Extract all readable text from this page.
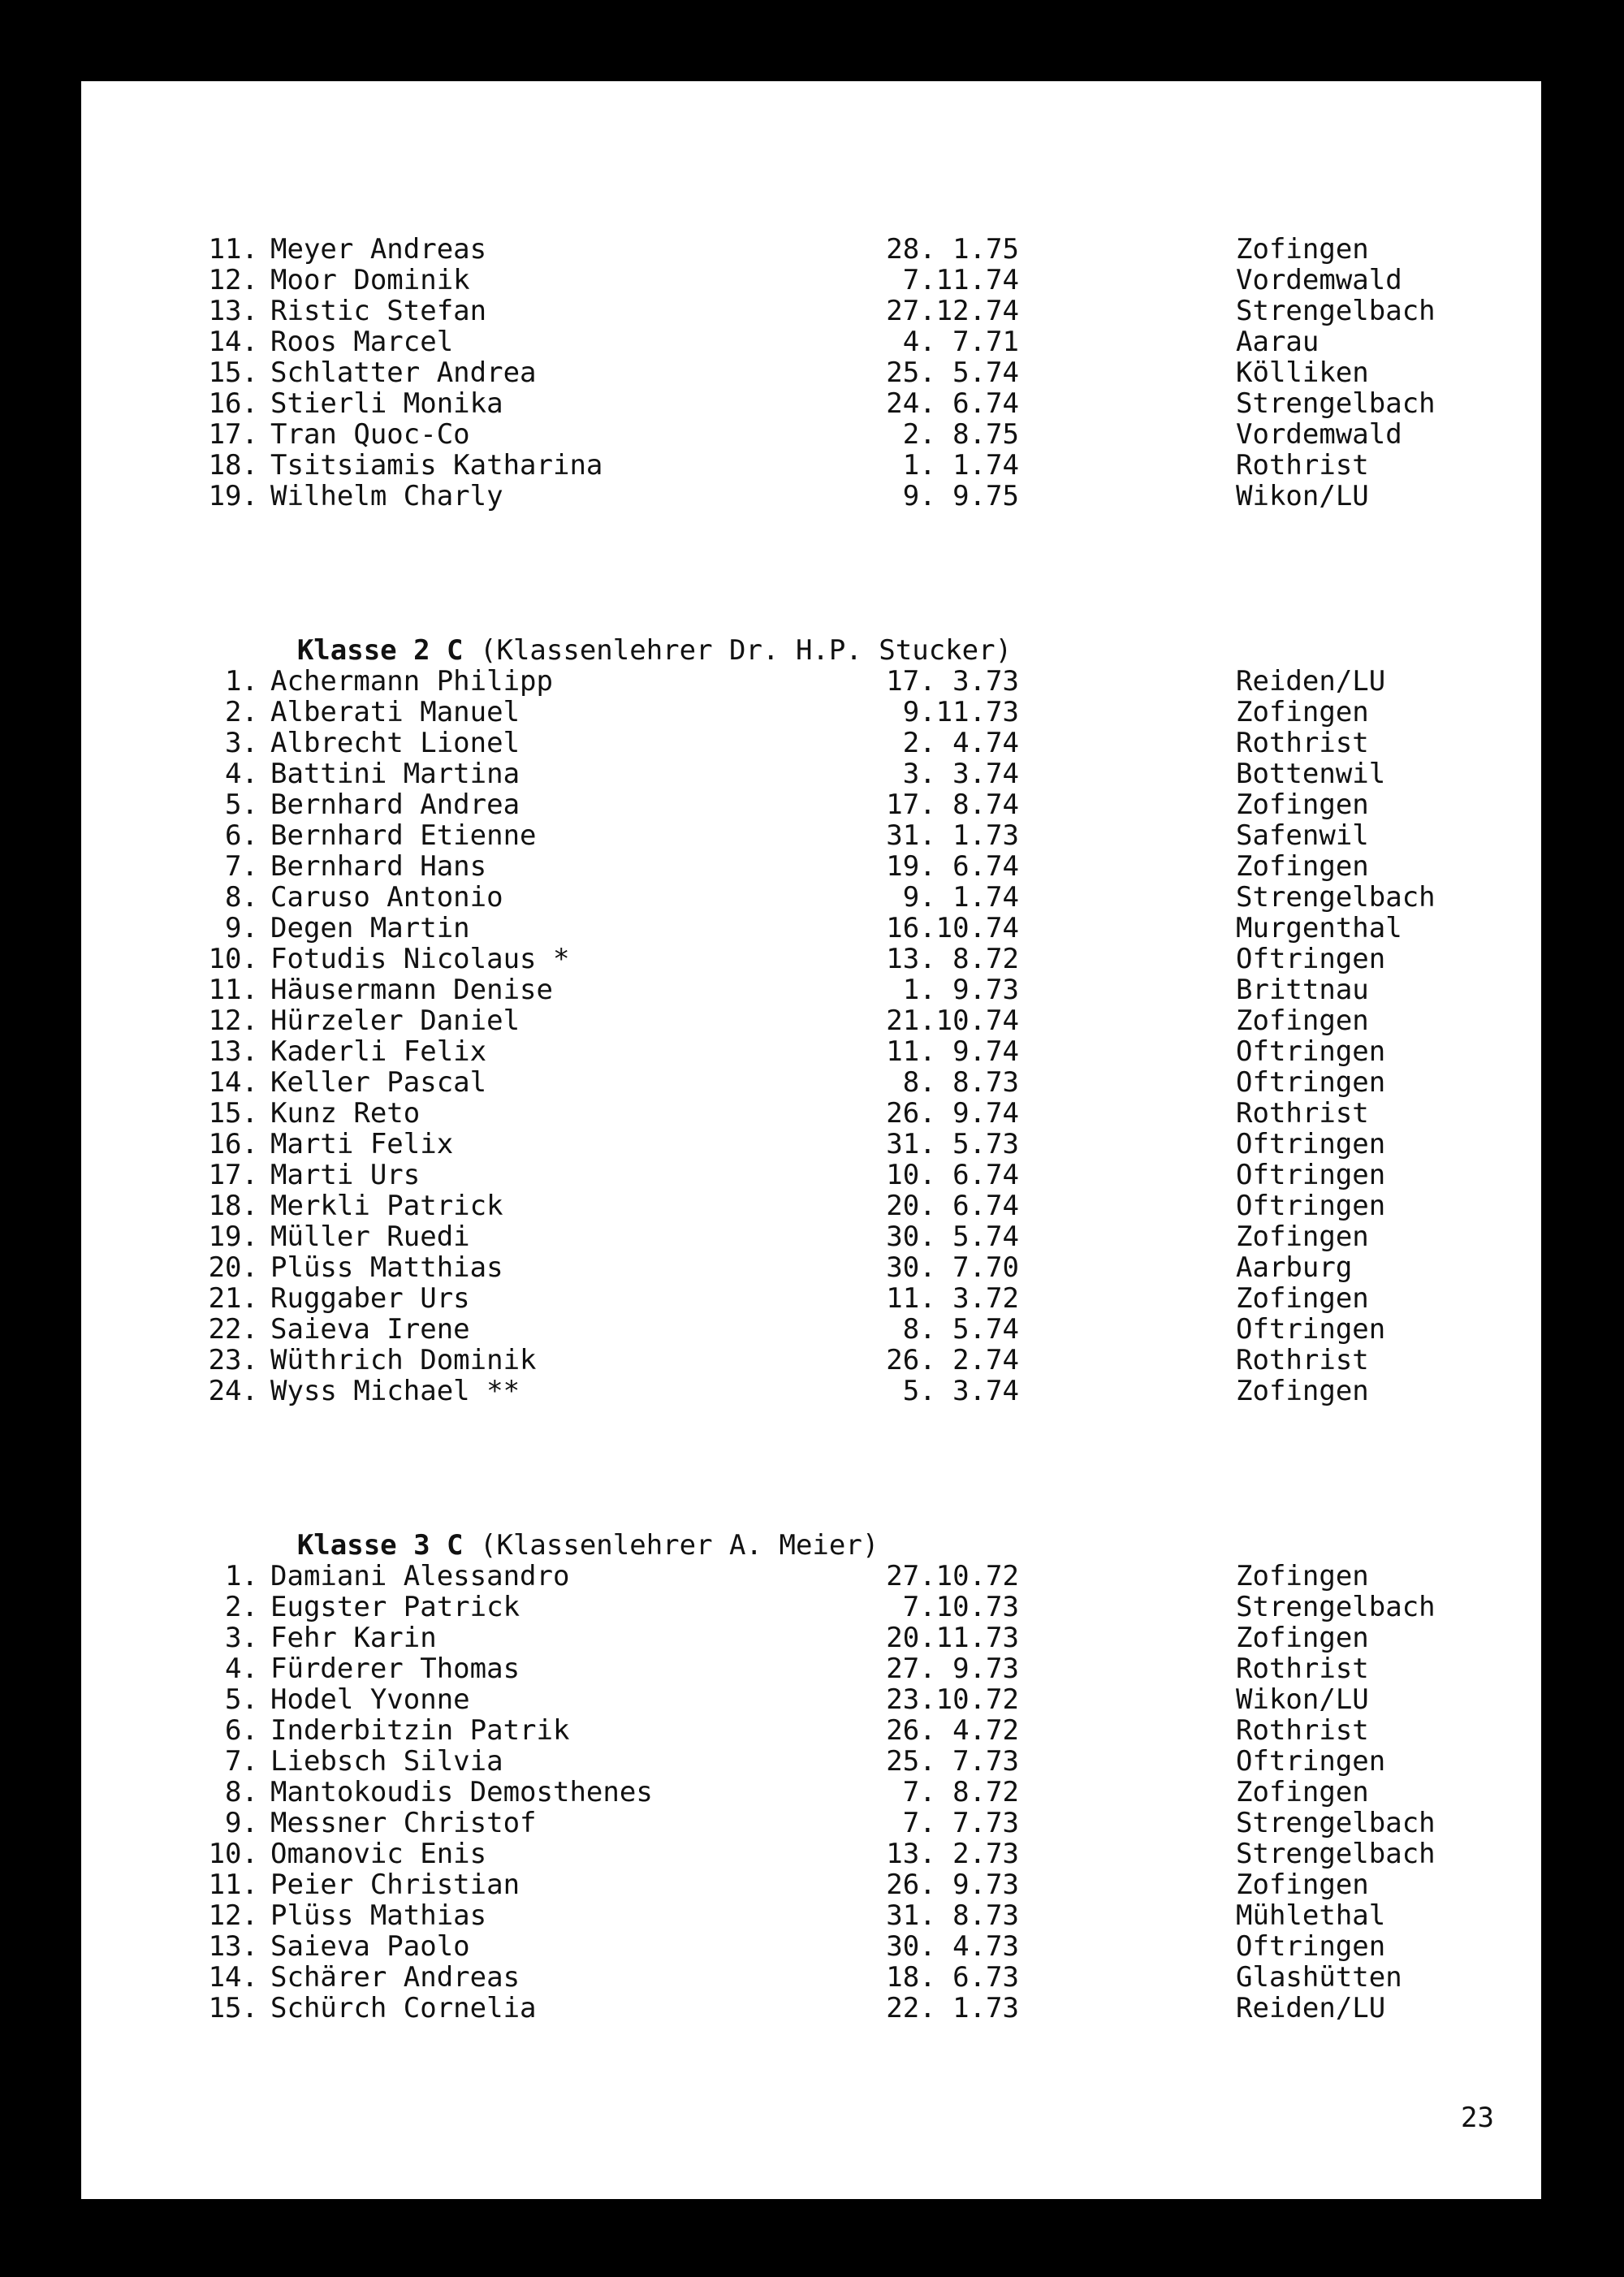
11. Meyer Andreas	28. 1.75	Zofingen
12. Moor Dominik	7.11.74	Vordemwald
13. Ristic Stefan	27.12.74	Strengelbach
14. Roos Marcel	4. 7.71	Aarau
15. Schlatter Andrea	25. 5.74	Kölliken
16. Stierli Monika	24. 6.74	Strengelbach
17. Tran Quoc-Co	2. 8.75	Vordemwald
18. Tsitsiamis Katharina	1. 1.74	Rothrist
19. Wilhelm Charly	9. 9.75	Wikon/LU

Klasse 2 C (Klassenlehrer Dr. H.P. Stucker)

1. Achermann Philipp	17. 3.73	Reiden/LU
2. Alberati Manuel	9.11.73	Zofingen
3. Albrecht Lionel	2. 4.74	Rothrist
4. Battini Martina	3. 3.74	Bottenwil
5. Bernhard Andrea	17. 8.74	Zofingen
6. Bernhard Etienne	31. 1.73	Safenwil
7. Bernhard Hans	19. 6.74	Zofingen
8. Caruso Antonio	9. 1.74	Strengelbach
9. Degen Martin	16.10.74	Murgenthal
10. Fotudis Nicolaus *	13. 8.72	Oftringen
11. Häusermann Denise	1. 9.73	Brittnau
12. Hürzeler Daniel	21.10.74	Zofingen
13. Kaderli Felix	11. 9.74	Oftringen
14. Keller Pascal	8. 8.73	Oftringen
15. Kunz Reto	26. 9.74	Rothrist
16. Marti Felix	31. 5.73	Oftringen
17. Marti Urs	10. 6.74	Oftringen
18. Merkli Patrick	20. 6.74	Oftringen
19. Müller Ruedi	30. 5.74	Zofingen
20. Plüss Matthias	30. 7.70	Aarburg
21. Ruggaber Urs	11. 3.72	Zofingen
22. Saieva Irene	8. 5.74	Oftringen
23. Wüthrich Dominik	26. 2.74	Rothrist
24. Wyss Michael **	5. 3.74	Zofingen

Klasse 3 C (Klassenlehrer A. Meier)

1. Damiani Alessandro	27.10.72	Zofingen
2. Eugster Patrick	7.10.73	Strengelbach
3. Fehr Karin	20.11.73	Zofingen
4. Fürderer Thomas	27. 9.73	Rothrist
5. Hodel Yvonne	23.10.72	Wikon/LU
6. Inderbitzin Patrik	26. 4.72	Rothrist
7. Liebsch Silvia	25. 7.73	Oftringen
8. Mantokoudis Demosthenes	7. 8.72	Zofingen
9. Messner Christof	7. 7.73	Strengelbach
10. Omanovic Enis	13. 2.73	Strengelbach
11. Peier Christian	26. 9.73	Zofingen
12. Plüss Mathias	31. 8.73	Mühlethal
13. Saieva Paolo	30. 4.73	Oftringen
14. Schärer Andreas	18. 6.73	Glashütten
15. Schürch Cornelia	22. 1.73	Reiden/LU
23
